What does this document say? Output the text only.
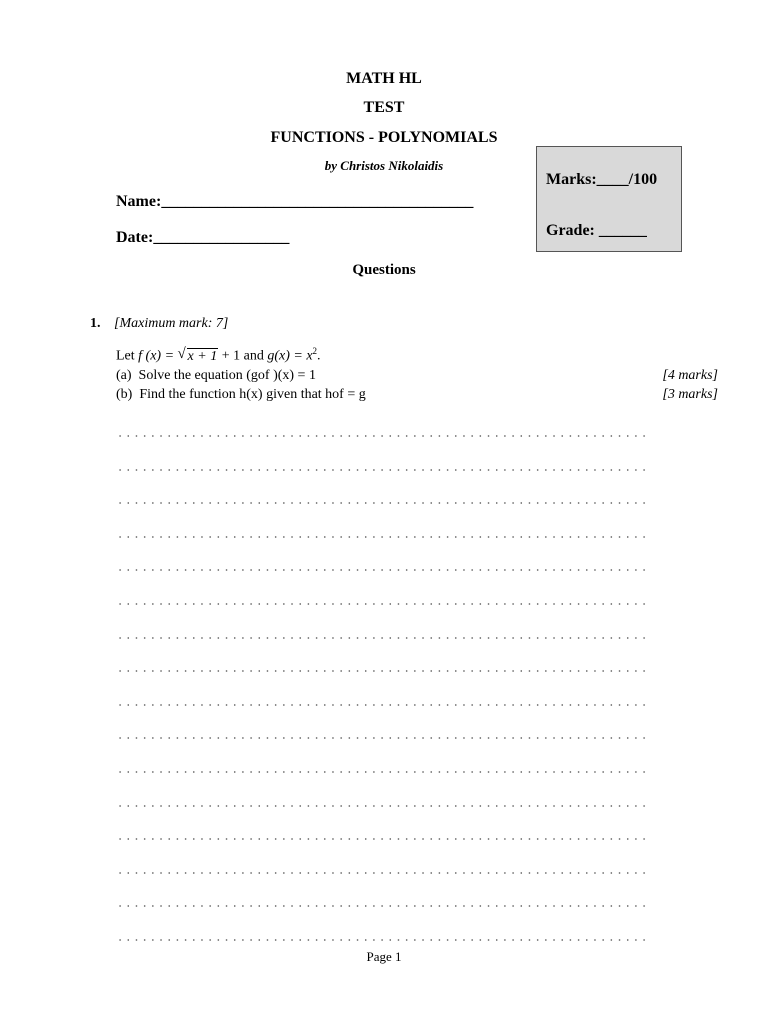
MATH HL
TEST
FUNCTIONS - POLYNOMIALS
by Christos Nikolaidis
Name:_______________________________________
Date:_________________
Marks:____/100
Grade: ______
Questions
1. [Maximum mark: 7]
Let f (x) = √ x + 1 + 1 and $g(x) = x^2$.
(a) Solve the equation (gof )(x) = 1	[4 marks]
(b) Find the function h(x) given that hof = g	[3 marks]
Page 1
